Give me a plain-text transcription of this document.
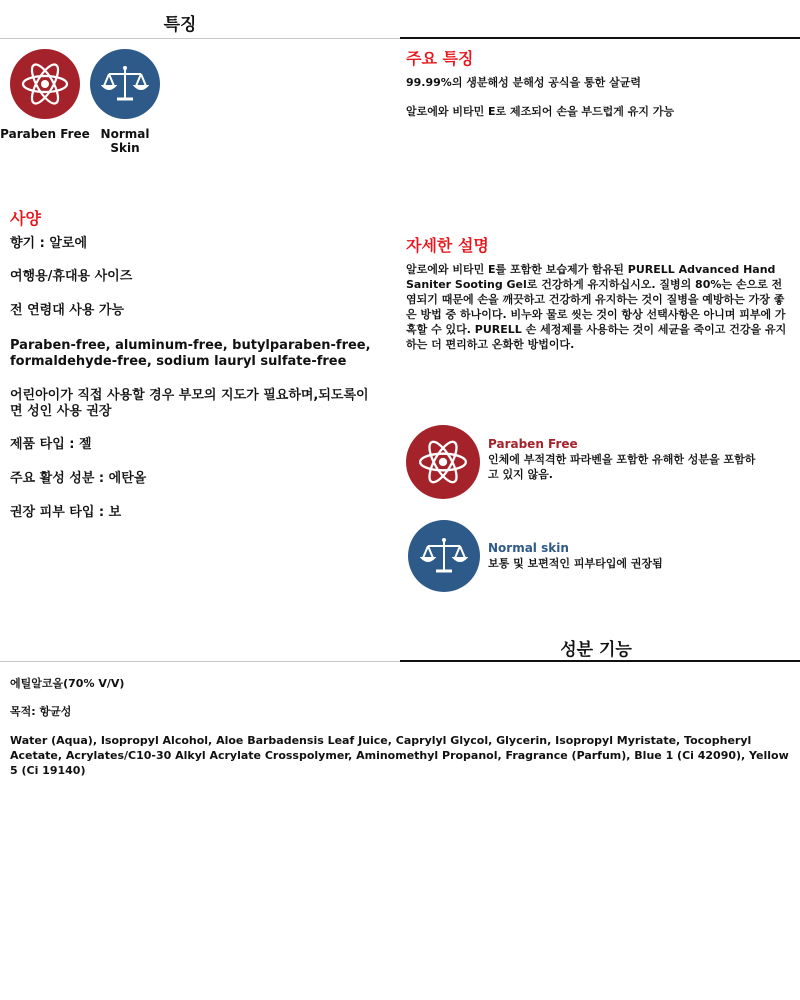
특징
Paraben Free Normal
Skin
주요 특징
99.99%의 생분해성 분해성 공식을 통한 살균력
알로에와 비타민 E로 제조되어 손을 부드럽게 유지 가능
사양
향기 : 알로에
여행용/휴대용 사이즈
전 연령대 사용 가능
Paraben-free, aluminum-free, butylparaben-free, formaldehyde-free, sodium lauryl sulfate-free
어린아이가 직접 사용할 경우 부모의 지도가 필요하며,되도록이면 성인 사용 권장
제품 타입 : 젤
주요 활성 성분 : 에탄올
권장 피부 타입 : 보
자세한 설명
알로에와 비타민 E를 포함한 보습제가 함유된 PURELL Advanced Hand Saniter Sooting Gel로 건강하게 유지하십시오. 질병의 80%는 손으로 전염되기 때문에 손을 깨끗하고 건강하게 유지하는 것이 질병을 예방하는 가장 좋은 방법 중 하나이다. 비누와 물로 씻는 것이 항상 선택사항은 아니며 피부에 가혹할 수 있다. PURELL 손 세정제를 사용하는 것이 세균을 죽이고 건강을 유지하는 더 편리하고 온화한 방법이다.
Paraben Free
인체에 부적격한 파라벤을 포함한 유해한 성분을 포함하고 있지 않음.
Normal skin
보통 및 보편적인 피부타입에 권장됨
성분 기능
에틸알코올(70% V/V)
목적: 항균성
Water (Aqua), Isopropyl Alcohol, Aloe Barbadensis Leaf Juice, Caprylyl Glycol, Glycerin, Isopropyl Myristate, Tocopheryl Acetate, Acrylates/C10-30 Alkyl Acrylate Crosspolymer, Aminomethyl Propanol, Fragrance (Parfum), Blue 1 (Ci 42090), Yellow 5 (Ci 19140)
